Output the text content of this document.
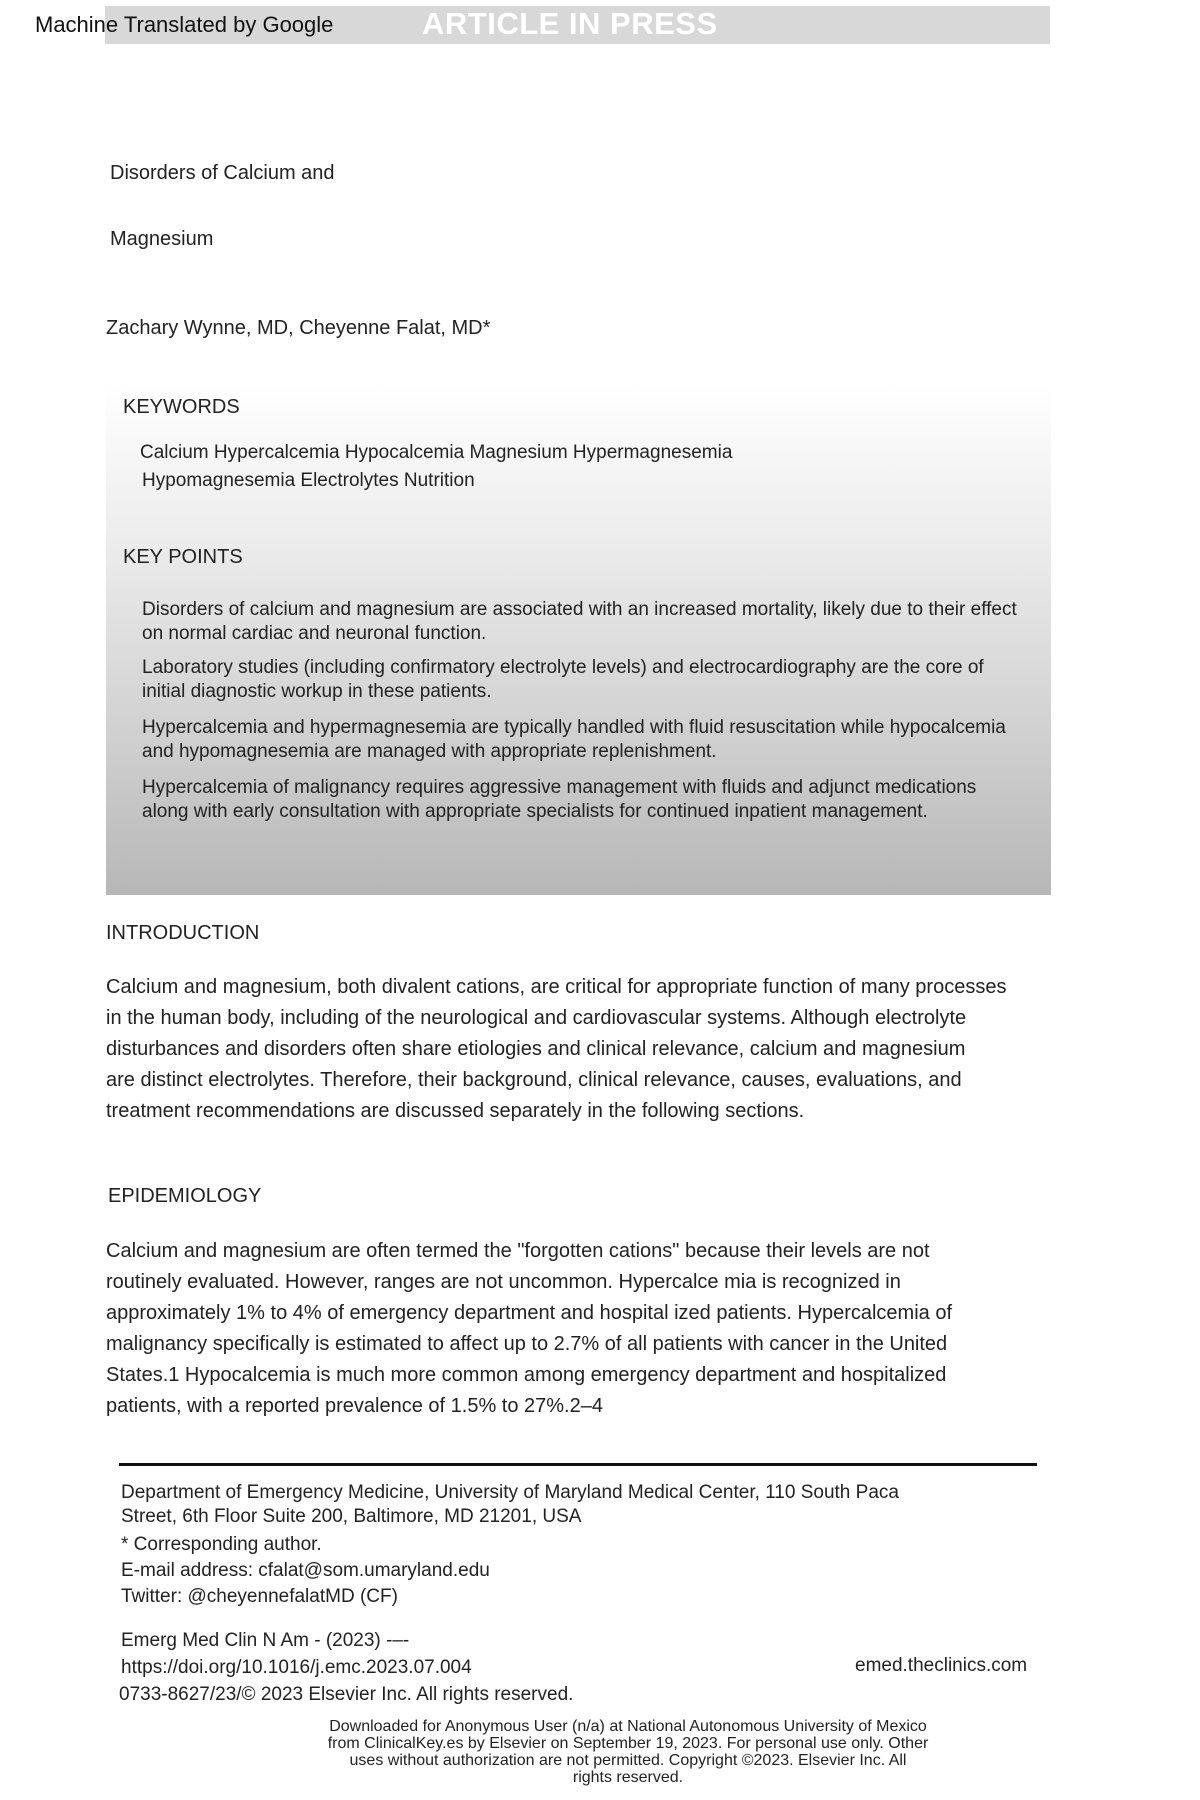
ARTICLE IN PRESS
Machine Translated by Google
Disorders of Calcium and
Magnesium
Zachary Wynne, MD, Cheyenne Falat, MD*
KEYWORDS
Calcium Hypercalcemia Hypocalcemia Magnesium Hypermagnesemia
Hypomagnesemia Electrolytes Nutrition
KEY POINTS
Disorders of calcium and magnesium are associated with an increased mortality, likely due to their effect on normal cardiac and neuronal function.
Laboratory studies (including confirmatory electrolyte levels) and electrocardiography are the core of initial diagnostic workup in these patients.
Hypercalcemia and hypermagnesemia are typically handled with fluid resuscitation while hypocalcemia and hypomagnesemia are managed with appropriate replenishment.
Hypercalcemia of malignancy requires aggressive management with fluids and adjunct medications along with early consultation with appropriate specialists for continued inpatient management.
INTRODUCTION
Calcium and magnesium, both divalent cations, are critical for appropriate function of many processes
in the human body, including of the neurological and cardiovascular systems. Although electrolyte
disturbances and disorders often share etiologies and clinical relevance, calcium and magnesium
are distinct electrolytes. Therefore, their background, clinical relevance, causes, evaluations, and
treatment recommendations are discussed separately in the following sections.
EPIDEMIOLOGY
Calcium and magnesium are often termed the "forgotten cations" because their levels are not
routinely evaluated. However, ranges are not uncommon. Hypercalce mia is recognized in
approximately 1% to 4% of emergency department and hospital ized patients. Hypercalcemia of
malignancy specifically is estimated to affect up to 2.7% of all patients with cancer in the United
States.1 Hypocalcemia is much more common among emergency department and hospitalized
patients, with a reported prevalence of 1.5% to 27%.2–4
Department of Emergency Medicine, University of Maryland Medical Center, 110 South Paca
Street, 6th Floor Suite 200, Baltimore, MD 21201, USA
* Corresponding author.
E-mail address: cfalat@som.umaryland.edu
Twitter: @cheyennefalatMD (CF)
Emerg Med Clin N Am - (2023) -–-
https://doi.org/10.1016/j.emc.2023.07.004
0733-8627/23/© 2023 Elsevier Inc. All rights reserved.
emed.theclinics.com
Downloaded for Anonymous User (n/a) at National Autonomous University of Mexico
from ClinicalKey.es by Elsevier on September 19, 2023. For personal use only. Other
uses without authorization are not permitted. Copyright ©2023. Elsevier Inc. All
rights reserved.
